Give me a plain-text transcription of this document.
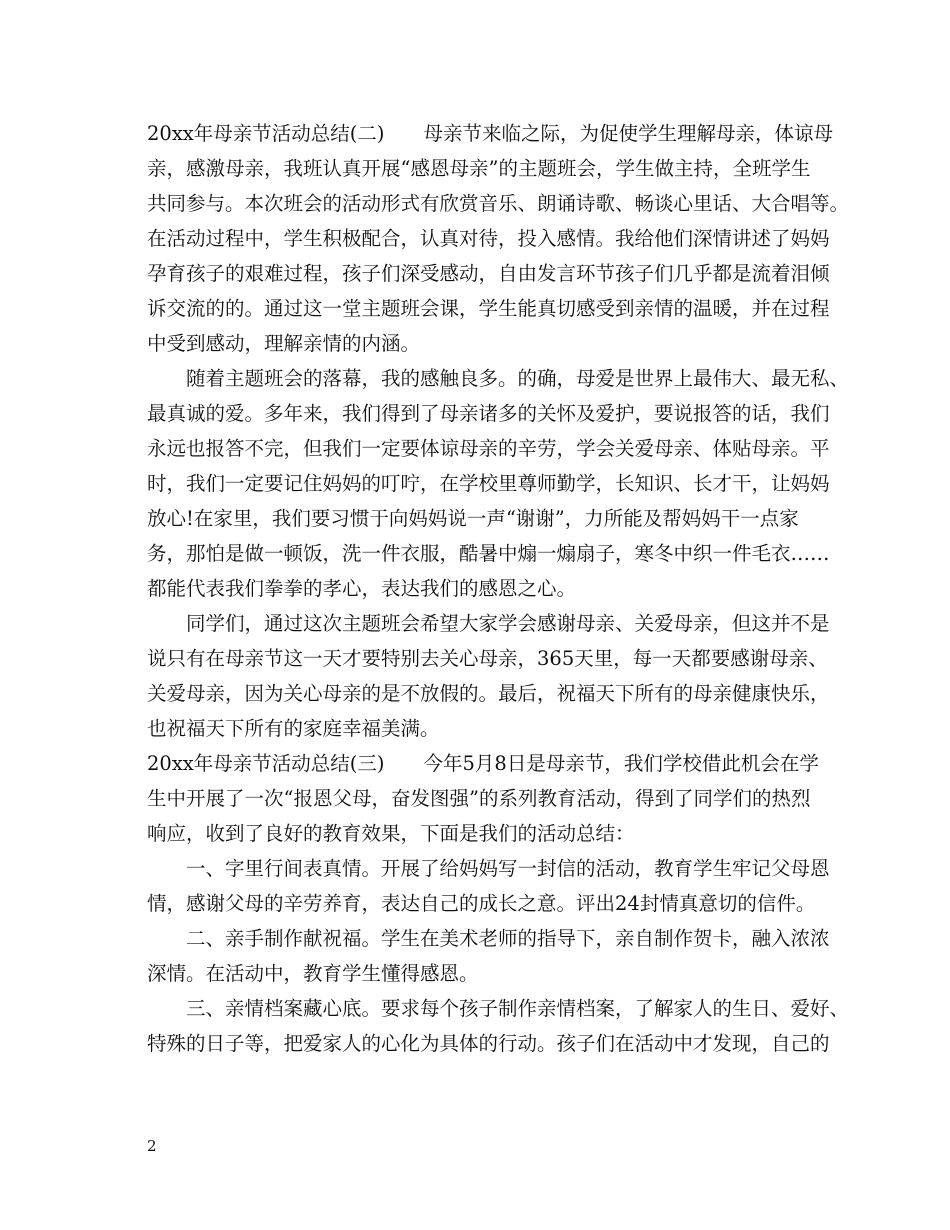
20xx年母亲节活动总结(二)　　母亲节来临之际，为促使学生理解母亲，体谅母
亲，感激母亲，我班认真开展“感恩母亲”的主题班会，学生做主持，全班学生
共同参与。本次班会的活动形式有欣赏音乐、朗诵诗歌、畅谈心里话、大合唱等。
在活动过程中，学生积极配合，认真对待，投入感情。我给他们深情讲述了妈妈
孕育孩子的艰难过程，孩子们深受感动，自由发言环节孩子们几乎都是流着泪倾
诉交流的的。通过这一堂主题班会课，学生能真切感受到亲情的温暖，并在过程
中受到感动，理解亲情的内涵。
　　随着主题班会的落幕，我的感触良多。的确，母爱是世界上最伟大、最无私、
最真诚的爱。多年来，我们得到了母亲诸多的关怀及爱护，要说报答的话，我们
永远也报答不完，但我们一定要体谅母亲的辛劳，学会关爱母亲、体贴母亲。平
时，我们一定要记住妈妈的叮咛，在学校里尊师勤学，长知识、长才干，让妈妈
放心!在家里，我们要习惯于向妈妈说一声“谢谢”，力所能及帮妈妈干一点家
务，那怕是做一顿饭，洗一件衣服，酷暑中煽一煽扇子，寒冬中织一件毛衣……
都能代表我们拳拳的孝心，表达我们的感恩之心。
　　同学们，通过这次主题班会希望大家学会感谢母亲、关爱母亲，但这并不是
说只有在母亲节这一天才要特别去关心母亲，365天里，每一天都要感谢母亲、
关爱母亲，因为关心母亲的是不放假的。最后，祝福天下所有的母亲健康快乐，
也祝福天下所有的家庭幸福美满。
20xx年母亲节活动总结(三)　　今年5月8日是母亲节，我们学校借此机会在学
生中开展了一次“报恩父母，奋发图强”的系列教育活动，得到了同学们的热烈
响应，收到了良好的教育效果，下面是我们的活动总结：
　　一、字里行间表真情。开展了给妈妈写一封信的活动，教育学生牢记父母恩
情，感谢父母的辛劳养育，表达自己的成长之意。评出24封情真意切的信件。
　　二、亲手制作献祝福。学生在美术老师的指导下，亲自制作贺卡，融入浓浓
深情。在活动中，教育学生懂得感恩。
　　三、亲情档案藏心底。要求每个孩子制作亲情档案，了解家人的生日、爱好、
特殊的日子等，把爱家人的心化为具体的行动。孩子们在活动中才发现，自己的
2
